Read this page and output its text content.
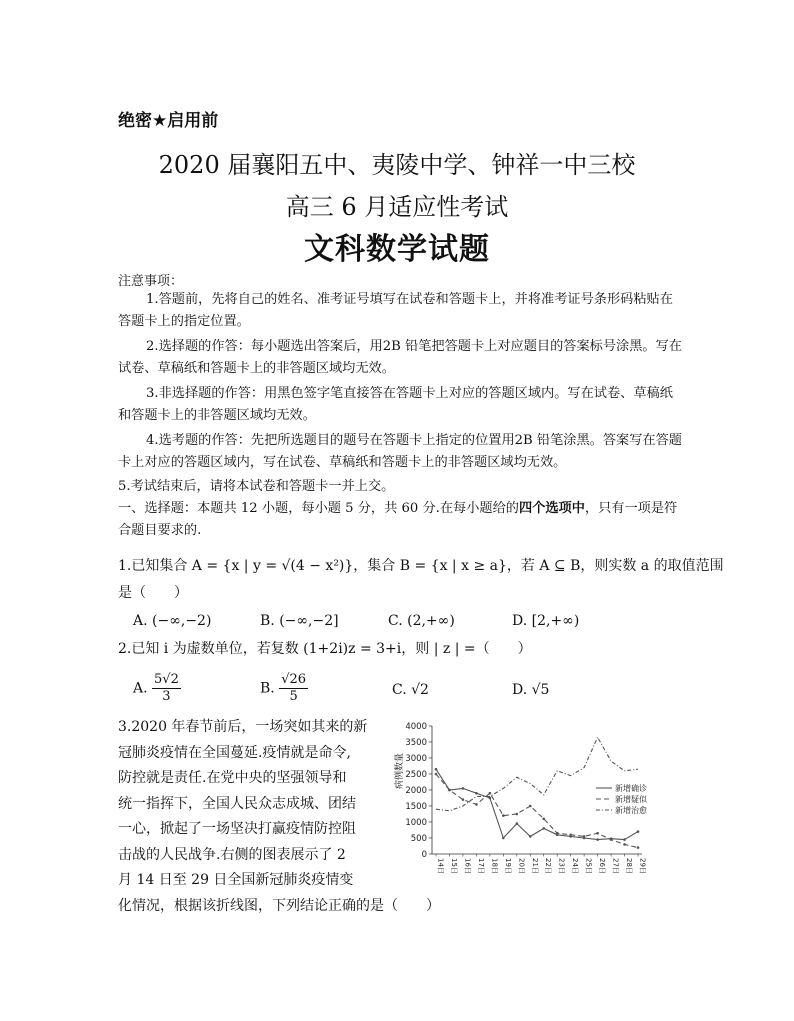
绝密★启用前
2020 届襄阳五中、夷陵中学、钟祥一中三校
高三 6 月适应性考试
文科数学试题
注意事项：
1.答题前，先将自己的姓名、准考证号填写在试卷和答题卡上，并将准考证号条形码粘贴在答题卡上的指定位置。
2.选择题的作答：每小题选出答案后，用2B 铅笔把答题卡上对应题目的答案标号涂黑。写在试卷、草稿纸和答题卡上的非答题区域均无效。
3.非选择题的作答：用黑色签字笔直接答在答题卡上对应的答题区域内。写在试卷、草稿纸和答题卡上的非答题区域均无效。
4.选考题的作答：先把所选题目的题号在答题卡上指定的位置用2B 铅笔涂黑。答案写在答题卡上对应的答题区域内，写在试卷、草稿纸和答题卡上的非答题区域均无效。
5.考试结束后，请将本试卷和答题卡一并上交。
一、选择题：本题共 12 小题，每小题 5 分，共 60 分.在每小题给的四个选项中，只有一项是符合题目要求的.
1.已知集合 A = {x | y = √(4 − x²)}，集合 B = {x | x ≥ a}，若 A ⊆ B，则实数 a 的取值范围
是（　　）
A. (−∞,−2)	B. (−∞,−2]	C. (2,+∞)	D. [2,+∞)
2.已知 i 为虚数单位，若复数 (1+2i)z = 3+i，则 | z | =（　　）
A. $\frac{5√2}{3}$	B. $\frac{√26}{5}$	C. √2	D. √5
3.2020 年春节前后，一场突如其来的新
冠肺炎疫情在全国蔓延.疫情就是命令,
防控就是责任.在党中央的坚强领导和
统一指挥下，全国人民众志成城、团结
一心，掀起了一场坚决打赢疫情防控阻
击战的人民战争.右侧的图表展示了 2
月 14 日至 29 日全国新冠肺炎疫情变
化情况，根据该折线图，下列结论正确的是（　　）
0
500
1000
1500
2000
2500
3000
3500
4000
病例数量
14日 15日 16日 17日 18日 19日 20日 21日 22日 23日 24日 25日 26日 27日 28日 29日
新增确诊
新增疑似
新增治愈
